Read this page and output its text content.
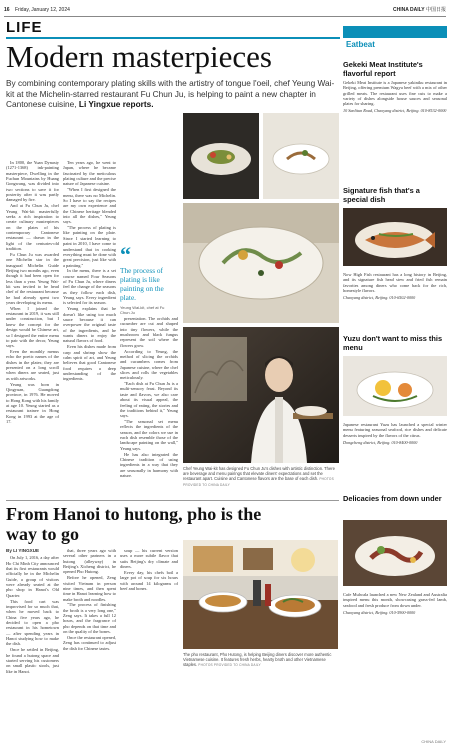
16 Friday, January 12, 2024	CHINA DAILY 中国日报
LIFE
Modern masterpieces
By combining contemporary plating skills with the artistry of tongue l'oeil, chef Yeung Wai-kit at the Michelin-starred restaurant Fu Chun Ju, is helping to paint a new chapter in Cantonese cuisine, Li Yingxue reports.

In 1800, the Yuan Dynasty (1271-1368) ink-painting masterpiece, Dwelling in the Fuchun Mountains by Huang Gongwang, was divided into two sections to save it for posterity after it was partly damaged by fire.

And at Fu Chun Ju, chef Yeung Wai-kit masterfully seeks a rich inspiration to create culinary masterpieces on the plates of his contemporary Cantonese restaurant — drawn in the light of the centuries-old tradition.

Fu Chun Ju was awarded one Michelin star in the inaugural Michelin Guide Beijing two months ago, even though it had been open for less than a year. Yeung Wai-kit was invited to be head chef of the restaurant because he had already spent two years developing its menu.

When I joined the restaurant in 2019, it was still under construction, but I knew the concept for the design would be Chinese art, so I designed the entire menu to pair with the decor, Yeung says.

Even the monthly menus echo the poetic names of the dishes in the plates; they are presented on a long scroll when diners are seated, just as with artworks.

Yeung was born in Qingyuan, Guangdong province, in 1976. He moved to Hong Kong with his family at age 10. Yeung started as a restaurant trainee in Hong Kong in 1993 at the age of 17.

Ten years ago, he went to Japan, where he became fascinated by the meticulous plating culture and the precise nature of Japanese cuisine.

"When I first designed the menu, there was no Michelin. So I have to say the recipes are my own experience and the Chinese heritage blended into all the dishes," Yeung says.

"The process of plating is like painting on the plate. Since I started learning to paint in 2010, I have come to understand that in cooking everything must be done with great precision, just like with a painting."

In the menu, there is a set course named Four Seasons of Fu Chun Ju, where diners feel the change of the seasons as they follow each dish, Yeung says. Every ingredient is selected for its season.

Yeung explains that he doesn't like using too much sauce because it can overpower the original taste of the ingredients, and he wants diners to enjoy the natural flavors of food.

Even his dishes made from carp and shrimp show the calm spirit of art, and Yeung believes that good Cantonese food requires a deep understanding of the ingredients.

“
The process of plating is like painting on the plate.
Yeung Wai-kit, chef at Fu Chun Ju

presentation. The orchids and cucumber are cut and shaped into tiny flowers, while the mushroom and black fungus represent the soil where the flowers grow.

According to Yeung, the method of slicing the orchids and cucumbers comes from Japanese cuisine, where the chef slices and rolls the vegetables meticulously.

"Each dish at Fu Chun Ju is a multi-sensory feast. Beyond its taste and flavors, we also care about its visual appeal, the feeling of eating, the stories and the traditions behind it," Yeung says.

"The seasonal set menu reflects the ingredients of the season, and the colors we use in each dish resemble those of the landscape painting on the wall," Yeung says.

He has also integrated the Chinese tradition of using ingredients in a way that they are seasonally in harmony with nature.

Chef Yeung Wai-kit has designed Fu Chun Ju's dishes with artistic distinction. There are beverage and menu pairings that elevate diners' expectations and set the restaurant apart. Cuisine and Cantonese flavors are the base of each dish. PHOTOS PROVIDED TO CHINA DAILY
From Hanoi to hutong, pho is the way to go

By LI YINGXUE

On July 1, 2016, a day after Ho Chi Minh City announced that its first restaurants would officially be in the Michelin Guide, a group of visitors were already seated at the pho shop in Hanoi's Old Quarter.

This food cart was improvised for so much that, when he moved back to China five years ago, he decided to open a pho restaurant in his hometown — after spending years in Hanoi studying how to make the dish.

Once he settled in Beijing, he found a hutong space and started serving his customers on small plastic stools, just like in Hanoi.

that, three years ago with several other partners in a hutong (alleyway) in Beijing's Xicheng district, he opened Pho Hutong.

Before he opened, Zeng visited Vietnam in person nine times, and then spent time in Hanoi learning how to make broth and noodles.

"The process of finishing the broth is a very long one," Zeng says. It takes a full 12 hours, and the fragrance of pho depends on that time and on the quality of the bones.

Once the restaurant opened, Zeng has continued to adjust the dish for Chinese tastes.

soup — his current version uses a more subtle flavor that suits Beijing's dry climate and diners.

Every day, his chefs boil a large pot of soup for six hours with around 14 kilograms of beef and bones.

The pho restaurant, Pho Hutong, is helping Beijing diners discover more authentic Vietnamese cuisine. It features fresh herbs, hearty broth and other Vietnamese staples. PHOTOS PROVIDED TO CHINA DAILY
Eatbeat
Gekeki Meat Institute's flavorful report
Gekeki Meat Institute is a Japanese yakiniku restaurant in Beijing, offering premium Wagyu beef with a mix of other grilled meats. The restaurant uses fine cuts to make a variety of dishes alongside house sauces and seasonal plates for sharing.
10 Sanlitun Road, Chaoyang district, Beijing. 010-8532-0000
Signature fish that's a special dish
Now High Fish restaurant has a long history in Beijing, and its signature fish head stew and fried fish remain favorites among diners who come back for the rich, homestyle flavors.
Chaoyang district, Beijing. 010-6502-0000
Yuzu don't want to miss this menu
Japanese restaurant Yuzu has launched a special winter menu featuring seasonal seafood, rice dishes and delicate desserts inspired by the flavors of the citrus.
Dongcheng district, Beijing. 010-8400-0000
Delicacies from down under
Cafe Mulwala launched a new New Zealand and Australia inspired menu this month, showcasing grass-fed lamb, seafood and fresh produce from down under.
Chaoyang district, Beijing. 010-5900-0000
CHINA DAILY
